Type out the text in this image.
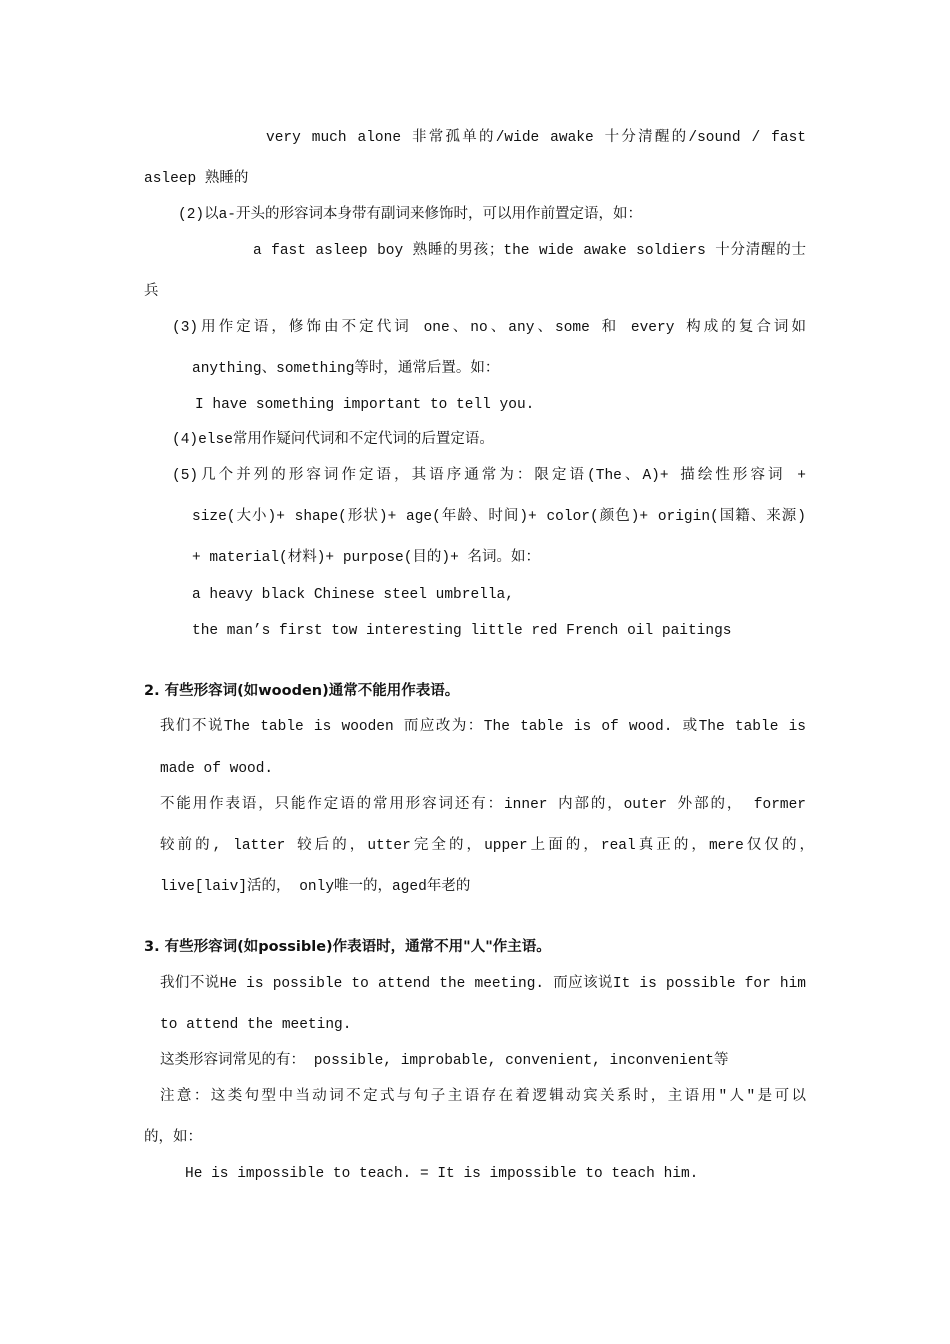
very much alone 非常孤单的/wide awake 十分清醒的/sound / fast
asleep 熟睡的
(2)以a-开头的形容词本身带有副词来修饰时，可以用作前置定语，如：
a fast asleep boy 熟睡的男孩；the wide awake soldiers 十分清醒的士
兵
(3)用作定语，修饰由不定代词 one、no、any、some 和 every 构成的复合词如
anything、something等时，通常后置。如：
I have something important to tell you.
(4)else常用作疑问代词和不定代词的后置定语。
(5)几个并列的形容词作定语，其语序通常为：限定语(The、A)+ 描绘性形容词 +
size(大小)+ shape(形状)+ age(年龄、时间)+ color(颜色)+ origin(国籍、来源)
+ material(材料)+ purpose(目的)+ 名词。如：
a heavy black Chinese steel umbrella,
the man’s first tow interesting little red French oil paitings
2. 有些形容词(如wooden)通常不能用作表语。
我们不说The table is wooden 而应改为：The table is of wood. 或The table is
made of wood.
不能用作表语，只能作定语的常用形容词还有：inner 内部的，outer 外部的， former
较前的, latter 较后的，utter完全的，upper上面的，real真正的，mere仅仅的，
live[laiv]活的， only唯一的，aged年老的
3. 有些形容词(如possible)作表语时，通常不用"人"作主语。
我们不说He is possible to attend the meeting. 而应该说It is possible for him
to attend the meeting.
这类形容词常见的有： possible, improbable, convenient, inconvenient等
注意：这类句型中当动词不定式与句子主语存在着逻辑动宾关系时，主语用"人"是可以
的，如：
He is impossible to teach. = It is impossible to teach him.
